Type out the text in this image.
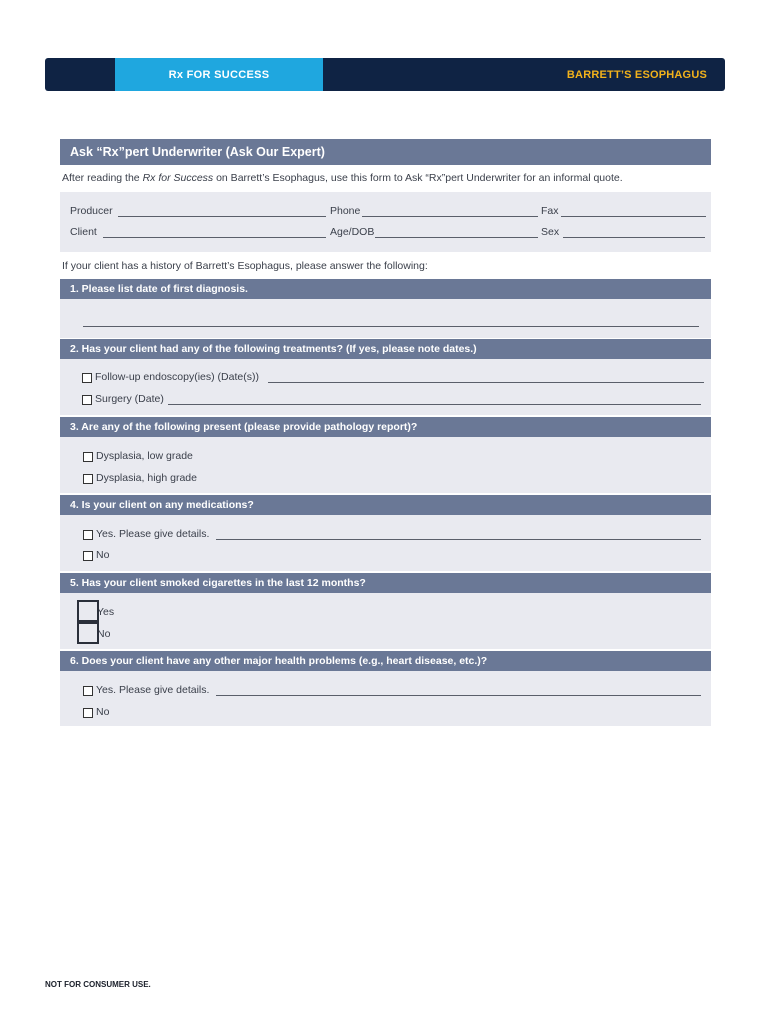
Rx FOR SUCCESS	BARRETT’S ESOPHAGUS
Ask “Rx”pert Underwriter (Ask Our Expert)
After reading the Rx for Success on Barrett’s Esophagus, use this form to Ask “Rx”pert Underwriter for an informal quote.
Producer	Phone	Fax
Client	Age/DOB	Sex
If your client has a history of Barrett’s Esophagus, please answer the following:
1. Please list date of first diagnosis.
2. Has your client had any of the following treatments? (If yes, please note dates.)
Follow-up endoscopy(ies) (Date(s))
Surgery (Date)
3. Are any of the following present (please provide pathology report)?
Dysplasia, low grade
Dysplasia, high grade
4. Is your client on any medications?
Yes. Please give details.
No
5. Has your client smoked cigarettes in the last 12 months?
Yes
No
6. Does your client have any other major health problems (e.g., heart disease, etc.)?
Yes. Please give details.
No
NOT FOR CONSUMER USE.
